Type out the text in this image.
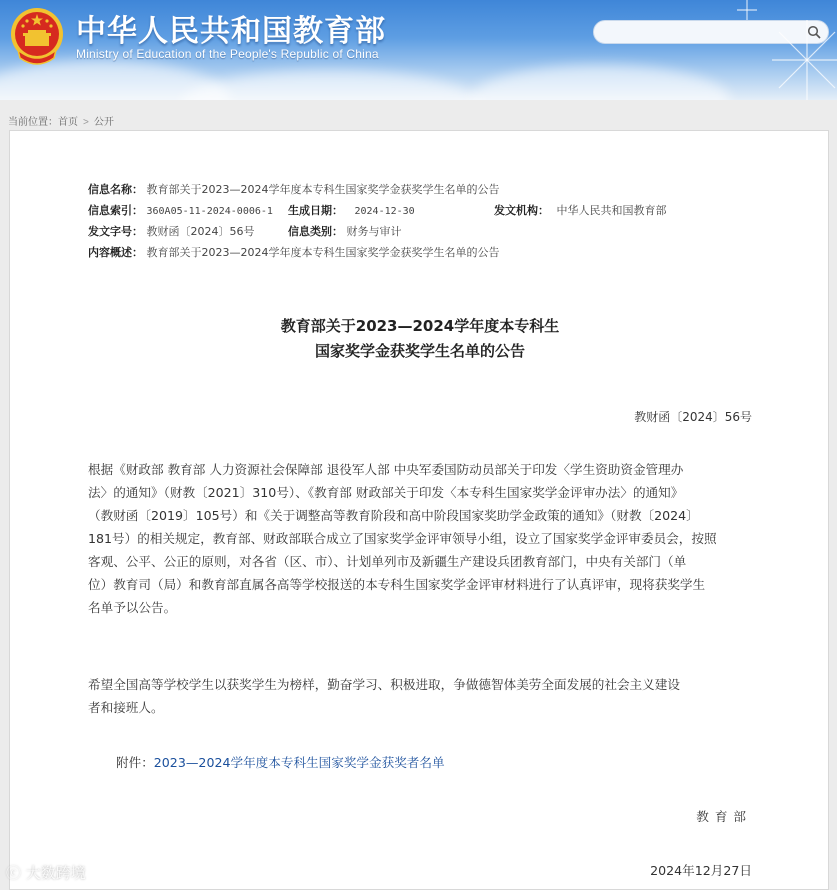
中华人民共和国教育部
Ministry of Education of the People's Republic of China
当前位置：首页 > 公开
信息名称： 教育部关于2023—2024学年度本专科生国家奖学金获奖学生名单的公告
信息索引： 360A05-11-2024-0006-1 生成日期： 2024-12-30	发文机构： 中华人民共和国教育部
发文字号： 教财函〔2024〕56号	信息类别： 财务与审计
内容概述： 教育部关于2023—2024学年度本专科生国家奖学金获奖学生名单的公告
教育部关于2023—2024学年度本专科生
国家奖学金获奖学生名单的公告
教财函〔2024〕56号
根据《财政部 教育部 人力资源社会保障部 退役军人部 中央军委国防动员部关于印发〈学生资助资金管理办
法〉的通知》（财教〔2021〕310号）、《教育部 财政部关于印发〈本专科生国家奖学金评审办法〉的通知》
（教财函〔2019〕105号）和《关于调整高等教育阶段和高中阶段国家奖助学金政策的通知》（财教〔2024〕
181号）的相关规定，教育部、财政部联合成立了国家奖学金评审领导小组，设立了国家奖学金评审委员会，按照
客观、公平、公正的原则，对各省（区、市）、计划单列市及新疆生产建设兵团教育部门，中央有关部门（单
位）教育司（局）和教育部直属各高等学校报送的本专科生国家奖学金评审材料进行了认真评审，现将获奖学生
名单予以公告。
希望全国高等学校学生以获奖学生为榜样，勤奋学习、积极进取，争做德智体美劳全面发展的社会主义建设
者和接班人。
附件：2023—2024学年度本专科生国家奖学金获奖者名单
教育部
2024年12月27日
ⓒ 大数跨境
